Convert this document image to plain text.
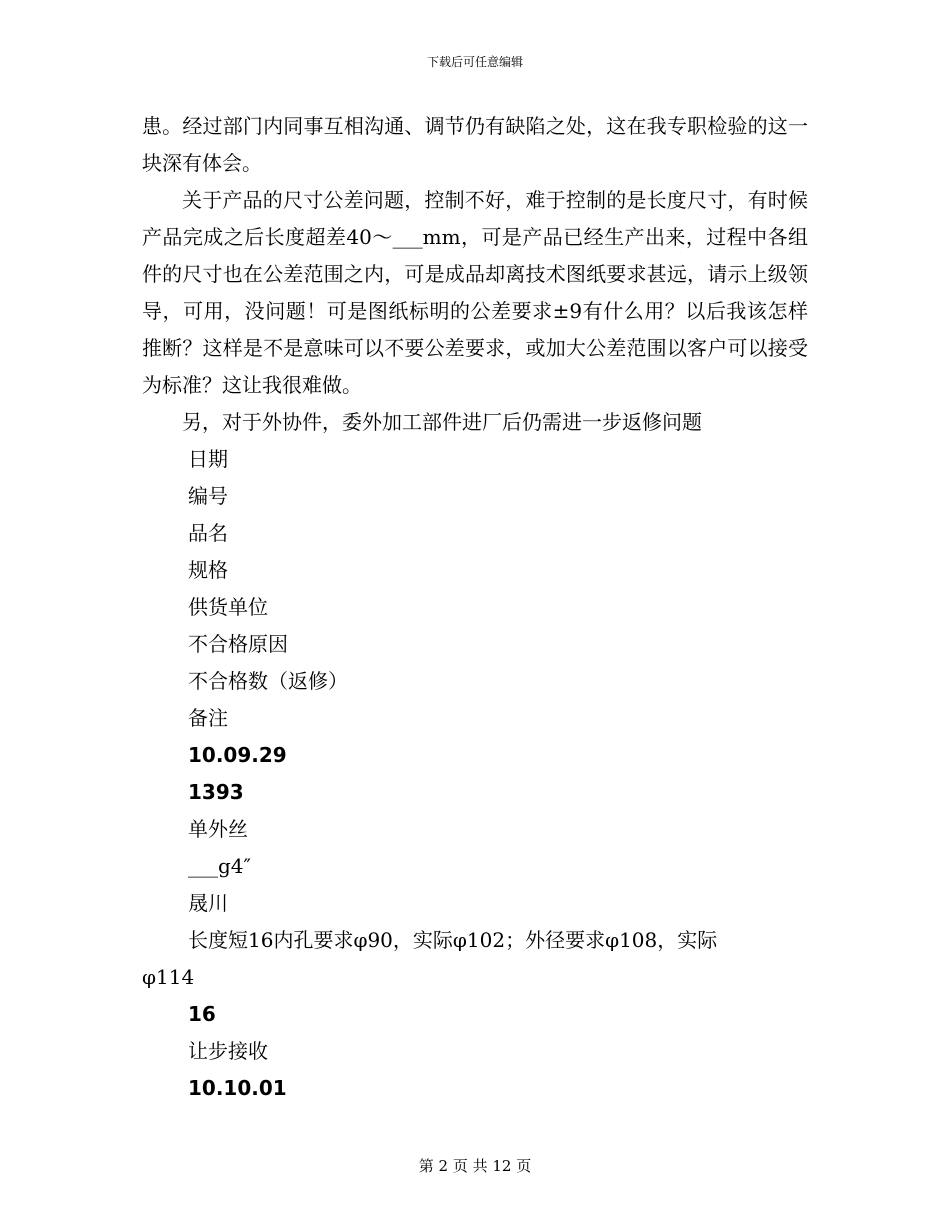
下载后可任意编辑

患。经过部门内同事互相沟通、调节仍有缺陷之处，这在我专职检验的这一块深有体会。

关于产品的尺寸公差问题，控制不好，难于控制的是长度尺寸，有时候产品完成之后长度超差40～___mm，可是产品已经生产出来，过程中各组件的尺寸也在公差范围之内，可是成品却离技术图纸要求甚远，请示上级领导，可用，没问题！可是图纸标明的公差要求±9有什么用？以后我该怎样推断？这样是不是意味可以不要公差要求，或加大公差范围以客户可以接受为标准？这让我很难做。

另，对于外协件，委外加工部件进厂后仍需进一步返修问题

日期

编号

品名

规格

供货单位

不合格原因

不合格数（返修）

备注

10.09.29

1393

单外丝

___g4″

晟川

长度短16内孔要求φ90，实际φ102；外径要求φ108，实际

φ114

16

让步接收

10.10.01

第 2 页 共 12 页
